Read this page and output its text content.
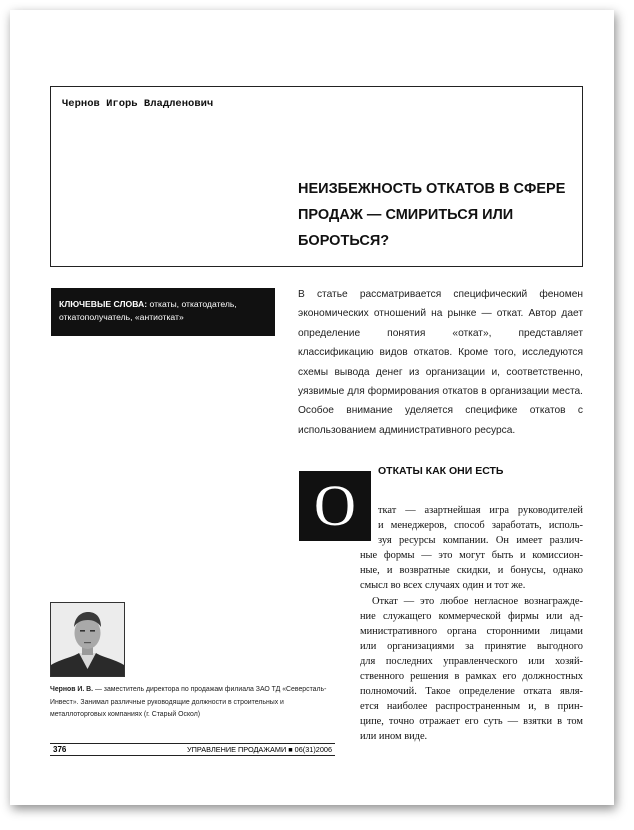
Чернов Игорь Владленович
НЕИЗБЕЖНОСТЬ ОТКАТОВ В СФЕРЕ ПРОДАЖ — СМИРИТЬСЯ ИЛИ БОРОТЬСЯ?
КЛЮЧЕВЫЕ СЛОВА: откаты, откатодатель, откатополучатель, «антиоткат»
В статье рассматривается специфический феномен экономических отношений на рынке — откат. Автор дает определение понятия «откат», представляет классификацию видов откатов. Кроме того, исследуются схемы вывода денег из организации и, соответственно, уязвимые для формирования откатов в организации места. Особое внимание уделяется специфике откатов с использованием административного ресурса.
ОТКАТЫ КАК ОНИ ЕСТЬ
О	ткат — азартнейшая игра руководителей
и менеджеров, способ заработать, исполь-
зуя ресурсы компании. Он имеет различ-
ные формы — это могут быть и комиссион-
ные, и возвратные скидки, и бонусы, однако
смысл во всех случаях один и тот же.
Откат — это любое негласное вознагражде-
ние служащего коммерческой фирмы или ад-
министративного органа сторонними лицами
или организациями за принятие выгодного
для последних управленческого или хозяй-
ственного решения в рамках его должностных
полномочий. Такое определение отката явля-
ется наиболее распространенным и, в прин-
ципе, точно отражает его суть — взятки в том
или ином виде.
Чернов И. В. — заместитель директора по продажам филиала ЗАО ТД «Северсталь-Инвест». Занимал различные руководящие должности в строительных и металлоторговых компаниях (г. Старый Оскол)
376	УПРАВЛЕНИЕ ПРОДАЖАМИ ■ 06(31)2006
